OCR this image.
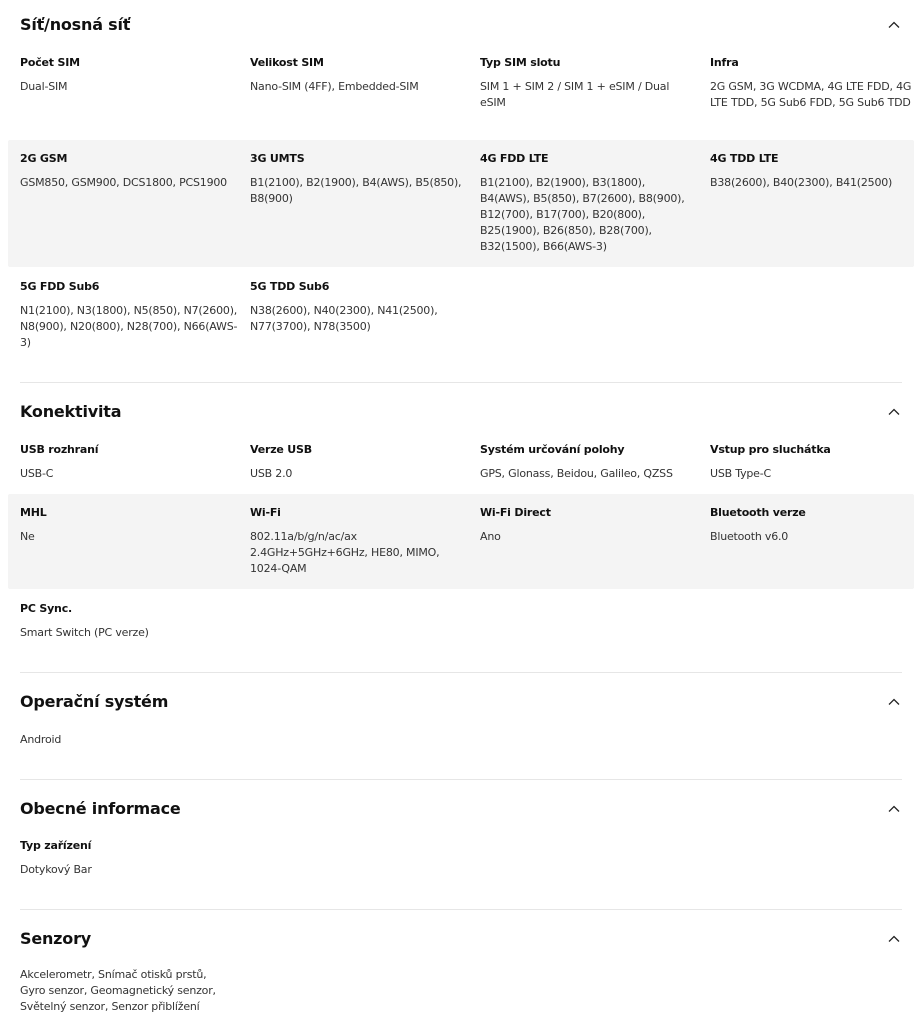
Síť/nosná síť
Počet SIM
Dual-SIM
Velikost SIM
Nano-SIM (4FF), Embedded-SIM
Typ SIM slotu
SIM 1 + SIM 2 / SIM 1 + eSIM / Dual eSIM
Infra
2G GSM, 3G WCDMA, 4G LTE FDD, 4G LTE TDD, 5G Sub6 FDD, 5G Sub6 TDD
2G GSM
GSM850, GSM900, DCS1800, PCS1900
3G UMTS
B1(2100), B2(1900), B4(AWS), B5(850), B8(900)
4G FDD LTE
B1(2100), B2(1900), B3(1800), B4(AWS), B5(850), B7(2600), B8(900), B12(700), B17(700), B20(800), B25(1900), B26(850), B28(700), B32(1500), B66(AWS-3)
4G TDD LTE
B38(2600), B40(2300), B41(2500)
5G FDD Sub6
N1(2100), N3(1800), N5(850), N7(2600), N8(900), N20(800), N28(700), N66(AWS-3)
5G TDD Sub6
N38(2600), N40(2300), N41(2500), N77(3700), N78(3500)
Konektivita
USB rozhraní
USB-C
Verze USB
USB 2.0
Systém určování polohy
GPS, Glonass, Beidou, Galileo, QZSS
Vstup pro sluchátka
USB Type-C
MHL
Ne
Wi-Fi
802.11a/b/g/n/ac/ax 2.4GHz+5GHz+6GHz, HE80, MIMO, 1024-QAM
Wi-Fi Direct
Ano
Bluetooth verze
Bluetooth v6.0
PC Sync.
Smart Switch (PC verze)
Operační systém
Android
Obecné informace
Typ zařízení
Dotykový Bar
Senzory
Akcelerometr, Snímač otisků prstů, Gyro senzor, Geomagnetický senzor, Světelný senzor, Senzor přiblížení
